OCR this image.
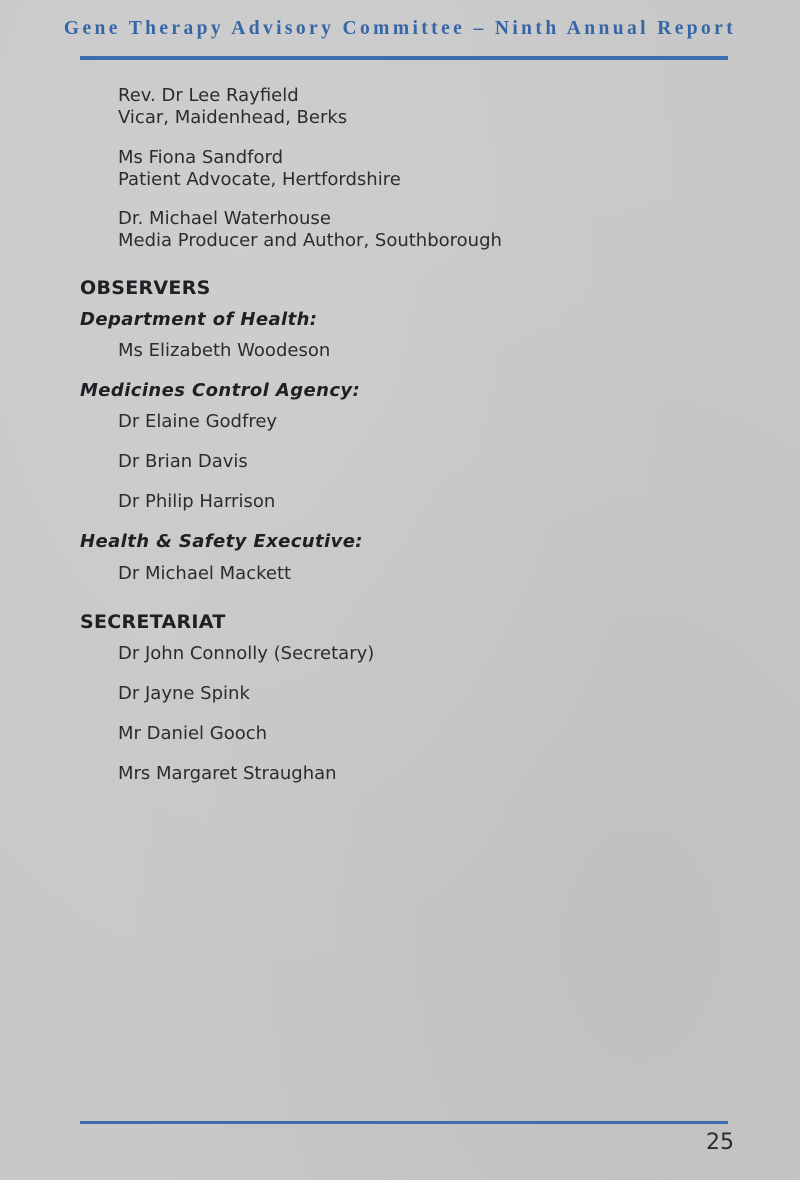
Gene Therapy Advisory Committee – Ninth Annual Report
Rev. Dr Lee Rayfield
Vicar, Maidenhead, Berks
Ms Fiona Sandford
Patient Advocate, Hertfordshire
Dr. Michael Waterhouse
Media Producer and Author, Southborough
OBSERVERS
Department of Health:
Ms Elizabeth Woodeson
Medicines Control Agency:
Dr Elaine Godfrey
Dr Brian Davis
Dr Philip Harrison
Health & Safety Executive:
Dr Michael Mackett
SECRETARIAT
Dr John Connolly (Secretary)
Dr Jayne Spink
Mr Daniel Gooch
Mrs Margaret Straughan
25
